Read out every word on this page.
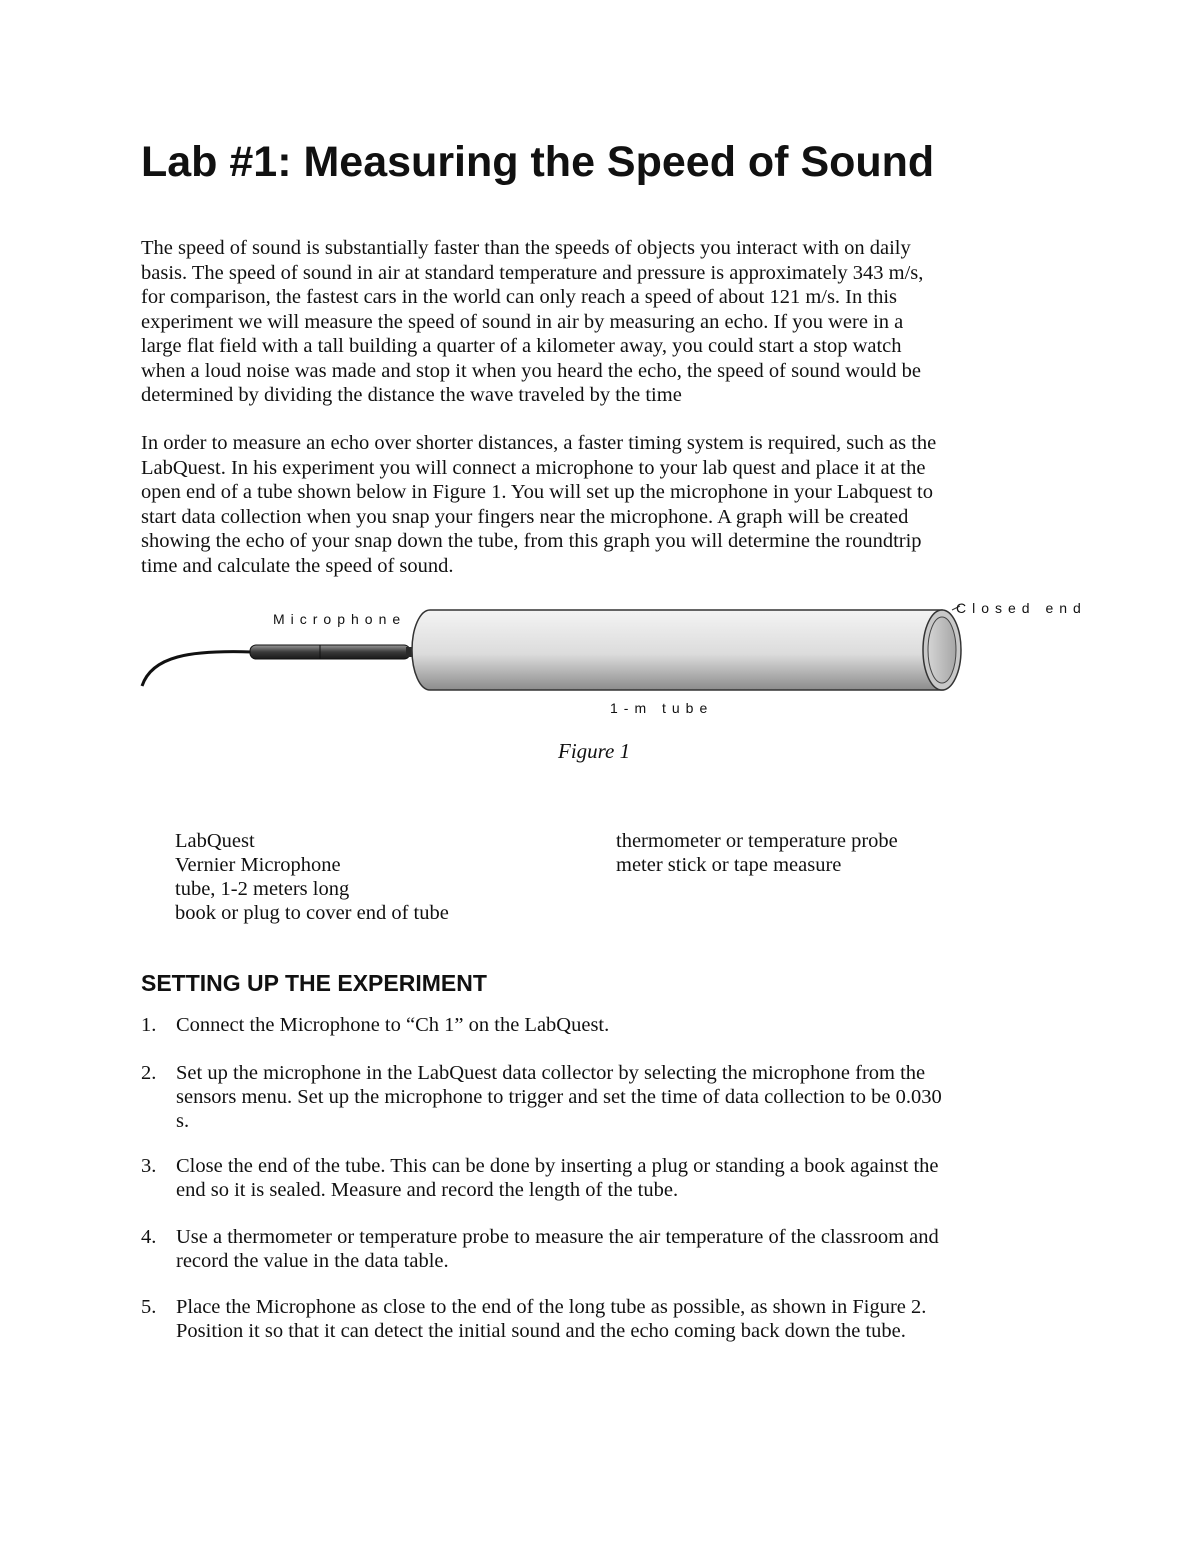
Lab #1: Measuring the Speed of Sound

The speed of sound is substantially faster than the speeds of objects you interact with on daily
basis. The speed of sound in air at standard temperature and pressure is approximately 343 m/s,
for comparison, the fastest cars in the world can only reach a speed of about 121 m/s. In this
experiment we will measure the speed of sound in air by measuring an echo. If you were in a
large flat field with a tall building a quarter of a kilometer away, you could start a stop watch
when a loud noise was made and stop it when you heard the echo, the speed of sound would be
determined by dividing the distance the wave traveled by the time

In order to measure an echo over shorter distances, a faster timing system is required, such as the
LabQuest. In his experiment you will connect a microphone to your lab quest and place it at the
open end of a tube shown below in Figure 1. You will set up the microphone in your Labquest to
start data collection when you snap your fingers near the microphone. A graph will be created
showing the echo of your snap down the tube, from this graph you will determine the roundtrip
time and calculate the speed of sound.

Microphone
Closed end
1-m tube
Figure 1
LabQuest
Vernier Microphone
tube, 1-2 meters long
book or plug to cover end of tube
thermometer or temperature probe
meter stick or tape measure
SETTING UP THE EXPERIMENT
1. Connect the Microphone to “Ch 1” on the LabQuest.
2. Set up the microphone in the LabQuest data collector by selecting the microphone from the
sensors menu. Set up the microphone to trigger and set the time of data collection to be 0.030
s.
3. Close the end of the tube. This can be done by inserting a plug or standing a book against the
end so it is sealed. Measure and record the length of the tube.
4. Use a thermometer or temperature probe to measure the air temperature of the classroom and
record the value in the data table.
5. Place the Microphone as close to the end of the long tube as possible, as shown in Figure 2.
Position it so that it can detect the initial sound and the echo coming back down the tube.
